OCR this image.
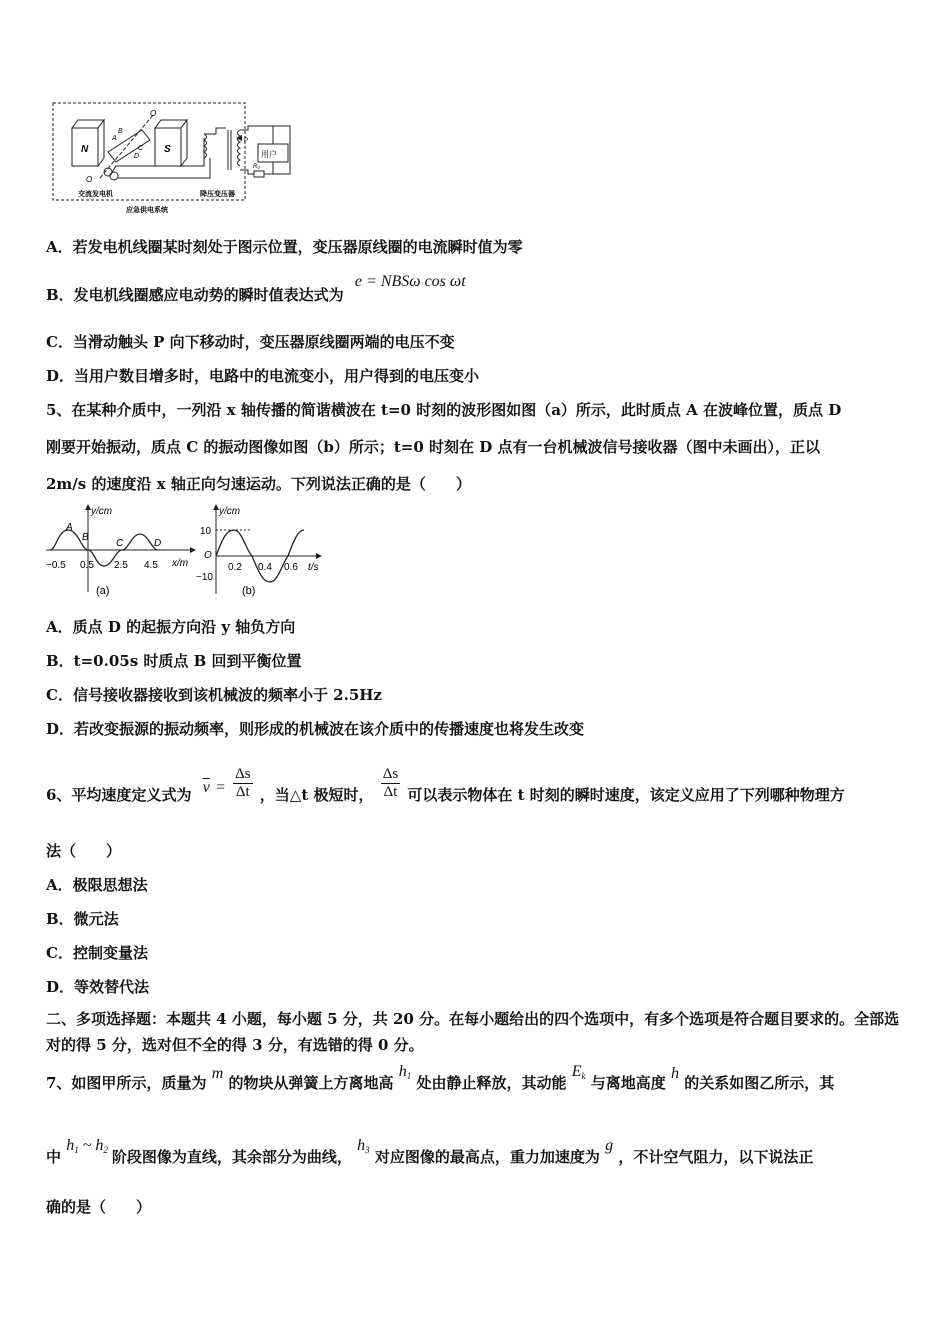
N	S
A
B
C
D
O
O
P
R₀
用户
交流发电机	降压变压器
应急供电系统
A．若发电机线圈某时刻处于图示位置，变压器原线圈的电流瞬时值为零
B．发电机线圈感应电动势的瞬时值表达式为 e = NBSω cos ωt
C．当滑动触头 P 向下移动时，变压器原线圈两端的电压不变
D．当用户数目增多时，电路中的电流变小，用户得到的电压变小
5、在某种介质中，一列沿 x 轴传播的简谐横波在 t=0 时刻的波形图如图（a）所示，此时质点 A 在波峰位置，质点 D
刚要开始振动，质点 C 的振动图像如图（b）所示；t=0 时刻在 D 点有一台机械波信号接收器（图中未画出），正以
2m/s 的速度沿 x 轴正向匀速运动。下列说法正确的是（　　）
y/cm
x/m
A
B
C	D
−0.5 0.5 2.5 4.5
(a)
y/cm
t/s
10
O
−10
0.2 0.4 0.6
(b)
A．质点 D 的起振方向沿 y 轴负方向
B．t=0.05s 时质点 B 回到平衡位置
C．信号接收器接收到该机械波的频率小于 2.5Hz
D．若改变振源的振动频率，则形成的机械波在该介质中的传播速度也将发生改变
6、平均速度定义式为 $\overline{v} = \frac{\Delta s}{\Delta t}$ ，当△t 极短时， $\frac{\Delta s}{\Delta t}$ 可以表示物体在 t 时刻的瞬时速度，该定义应用了下列哪种物理方
法（　　）
A．极限思想法
B．微元法
C．控制变量法
D．等效替代法
二、多项选择题：本题共 4 小题，每小题 5 分，共 20 分。在每小题给出的四个选项中，有多个选项是符合题目要求的。全部选对的得 5 分，选对但不全的得 3 分，有选错的得 0 分。
7、如图甲所示，质量为 m 的物块从弹簧上方离地高 $h_1$ 处由静止释放，其动能 $E_k$ 与离地高度 h 的关系如图乙所示，其
中 $h_1$ ~ $h_2$ 阶段图像为直线，其余部分为曲线， $h_3$ 对应图像的最高点，重力加速度为 g ，不计空气阻力，以下说法正
确的是（　　）
